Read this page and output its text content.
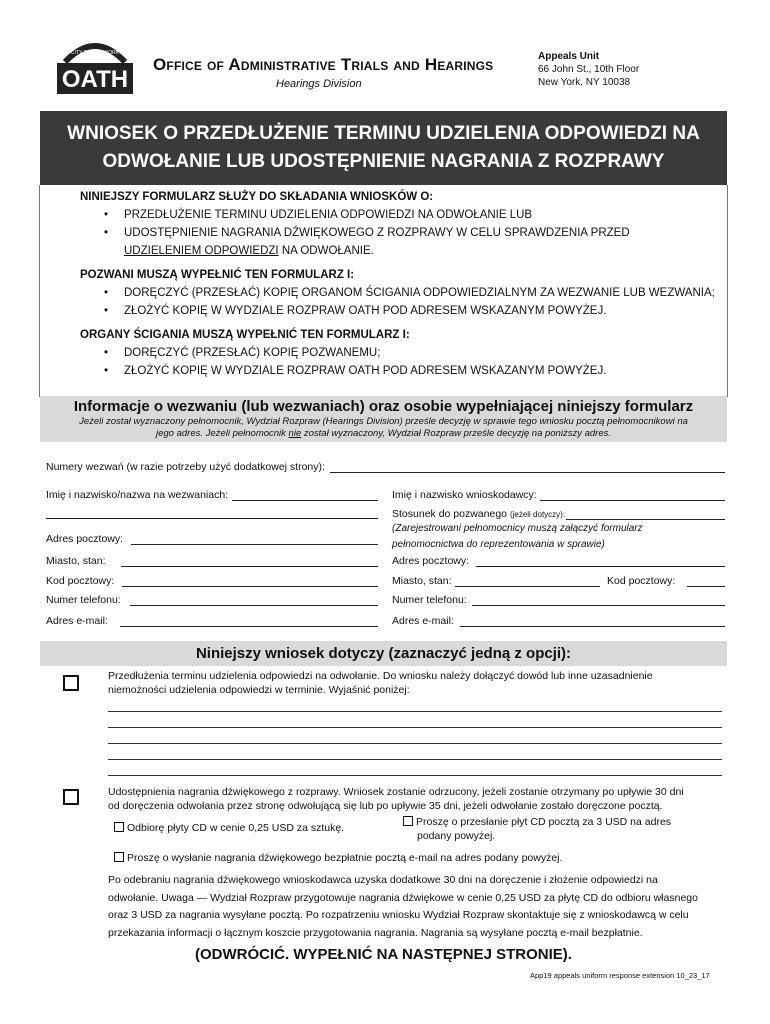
OATH
CITY OF NEW YORK
Office of Administrative Trials and Hearings
Hearings Division
Appeals Unit
66 John St., 10th Floor
New York, NY 10038
WNIOSEK O PRZEDŁUŻENIE TERMINU UDZIELENIA ODPOWIEDZI NA
ODWOŁANIE LUB UDOSTĘPNIENIE NAGRANIA Z ROZPRAWY
NINIEJSZY FORMULARZ SŁUŻY DO SKŁADANIA WNIOSKÓW O:
• PRZEDŁUŻENIE TERMINU UDZIELENIA ODPOWIEDZI NA ODWOŁANIE LUB
• UDOSTĘPNIENIE NAGRANIA DŹWIĘKOWEGO Z ROZPRAWY W CELU SPRAWDZENIA PRZED
UDZIELENIEM ODPOWIEDZI NA ODWOŁANIE.
POZWANI MUSZĄ WYPEŁNIĆ TEN FORMULARZ I:
• DORĘCZYĆ (PRZESŁAĆ) KOPIĘ ORGANOM ŚCIGANIA ODPOWIEDZIALNYM ZA WEZWANIE LUB WEZWANIA;
• ZŁOŻYĆ KOPIĘ W WYDZIALE ROZPRAW OATH POD ADRESEM WSKAZANYM POWYŻEJ.
ORGANY ŚCIGANIA MUSZĄ WYPEŁNIĆ TEN FORMULARZ I:
• DORĘCZYĆ (PRZESŁAĆ) KOPIĘ POZWANEMU;
• ZŁOŻYĆ KOPIĘ W WYDZIALE ROZPRAW OATH POD ADRESEM WSKAZANYM POWYŻEJ.
Informacje o wezwaniu (lub wezwaniach) oraz osobie wypełniającej niniejszy formularz
Jeżeli został wyznaczony pełnomocnik, Wydział Rozpraw (Hearings Division) prześle decyzję w sprawie tego wniosku pocztą pełnomocnikowi na
jego adres. Jeżeli pełnomocnik nie został wyznaczony, Wydział Rozpraw prześle decyzję na poniższy adres.
Numery wezwań (w razie potrzeby użyć dodatkowej strony):
Imię i nazwisko/nazwa na wezwaniach:
Adres pocztowy:
Miasto, stan:
Kod pocztowy:
Numer telefonu:
Adres e-mail:
Imię i nazwisko wnioskodawcy:
Stosunek do pozwanego (jeżeli dotyczy):
(Zarejestrowani pełnomocnicy muszą załączyć formularz
pełnomocnictwa do reprezentowania w sprawie)
Adres pocztowy:
Miasto, stan:	Kod pocztowy:
Numer telefonu:
Adres e-mail:
Niniejszy wniosek dotyczy (zaznaczyć jedną z opcji):
Przedłużenia terminu udzielenia odpowiedzi na odwołanie. Do wniosku należy dołączyć dowód lub inne uzasadnienie
niemożności udzielenia odpowiedzi w terminie. Wyjaśnić poniżej:
Udostępnienia nagrania dźwiękowego z rozprawy. Wniosek zostanie odrzucony, jeżeli zostanie otrzymany po upływie 30 dni
od doręczenia odwołania przez stronę odwołującą się lub po upływie 35 dni, jeżeli odwołanie zostało doręczone pocztą.
Odbiorę płyty CD w cenie 0,25 USD za sztukę.	Proszę o przesłanie płyt CD pocztą za 3 USD na adres
podany powyżej.
Proszę o wysłanie nagrania dźwiękowego bezpłatnie pocztą e-mail na adres podany powyżej.
Po odebraniu nagrania dźwiękowego wnioskodawca uzyska dodatkowe 30 dni na doręczenie i złożenie odpowiedzi na
odwołanie. Uwaga — Wydział Rozpraw przygotowuje nagrania dźwiękowe w cenie 0,25 USD za płytę CD do odbioru własnego
oraz 3 USD za nagrania wysyłane pocztą. Po rozpatrzeniu wniosku Wydział Rozpraw skontaktuje się z wnioskodawcą w celu
przekazania informacji o łącznym koszcie przygotowania nagrania. Nagrania są wysyłane pocztą e-mail bezpłatnie.
(ODWRÓCIĆ. WYPEŁNIĆ NA NASTĘPNEJ STRONIE).
App19 appeals uniform response extension 10_23_17
